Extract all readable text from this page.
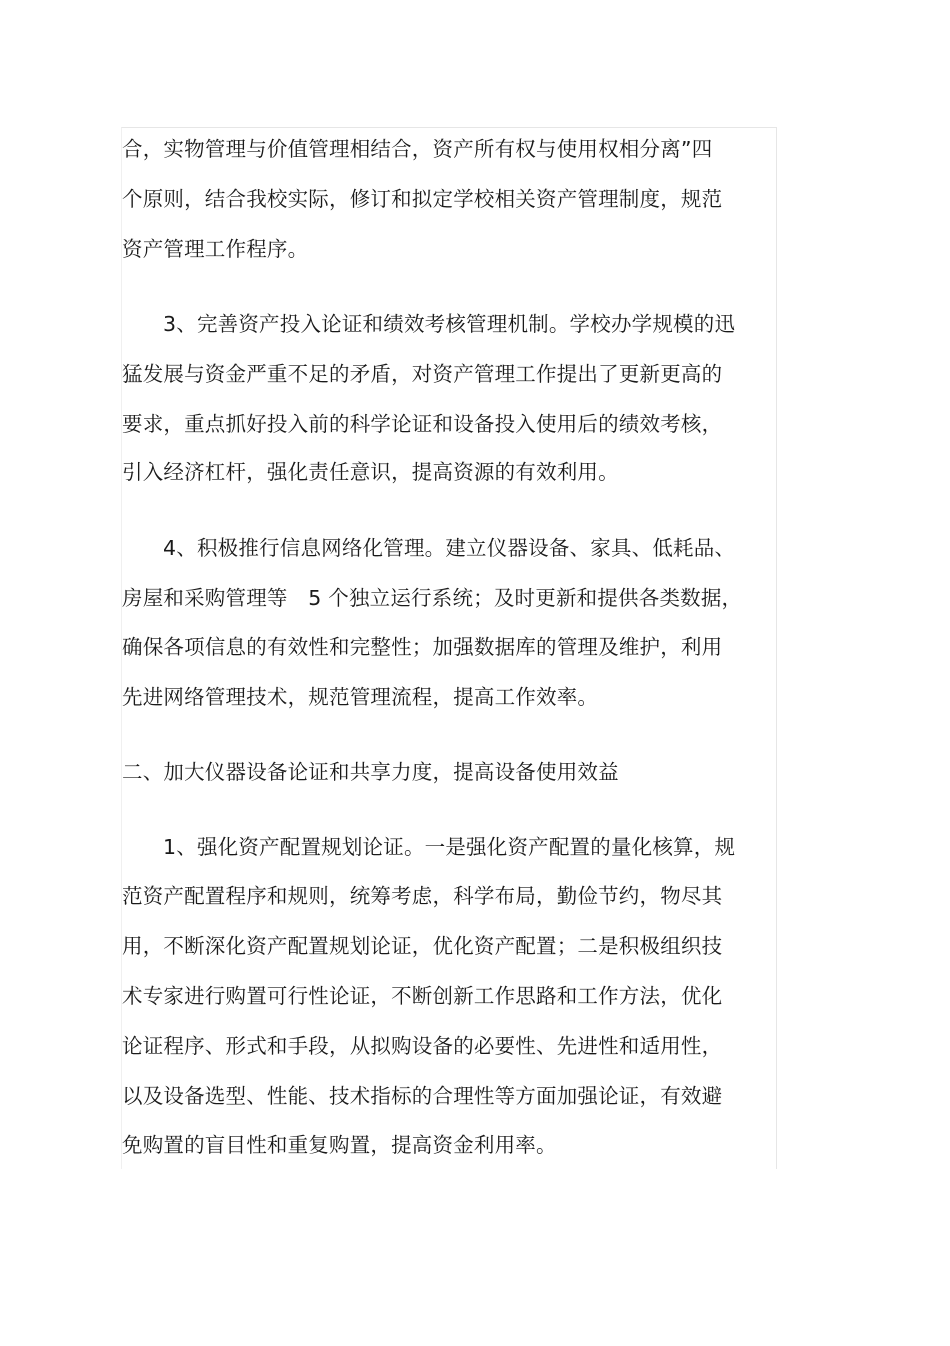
合，实物管理与价值管理相结合，资产所有权与使用权相分离”四
个原则，结合我校实际，修订和拟定学校相关资产管理制度，规范
资产管理工作程序。
3、完善资产投入论证和绩效考核管理机制。学校办学规模的迅
猛发展与资金严重不足的矛盾，对资产管理工作提出了更新更高的
要求，重点抓好投入前的科学论证和设备投入使用后的绩效考核，
引入经济杠杆，强化责任意识，提高资源的有效利用。
4、积极推行信息网络化管理。建立仪器设备、家具、低耗品、
房屋和采购管理等　5 个独立运行系统；及时更新和提供各类数据，
确保各项信息的有效性和完整性；加强数据库的管理及维护，利用
先进网络管理技术，规范管理流程，提高工作效率。
二、加大仪器设备论证和共享力度，提高设备使用效益
1、强化资产配置规划论证。一是强化资产配置的量化核算，规
范资产配置程序和规则，统筹考虑，科学布局，勤俭节约，物尽其
用，不断深化资产配置规划论证，优化资产配置；二是积极组织技
术专家进行购置可行性论证，不断创新工作思路和工作方法，优化
论证程序、形式和手段，从拟购设备的必要性、先进性和适用性，
以及设备选型、性能、技术指标的合理性等方面加强论证，有效避
免购置的盲目性和重复购置，提高资金利用率。
